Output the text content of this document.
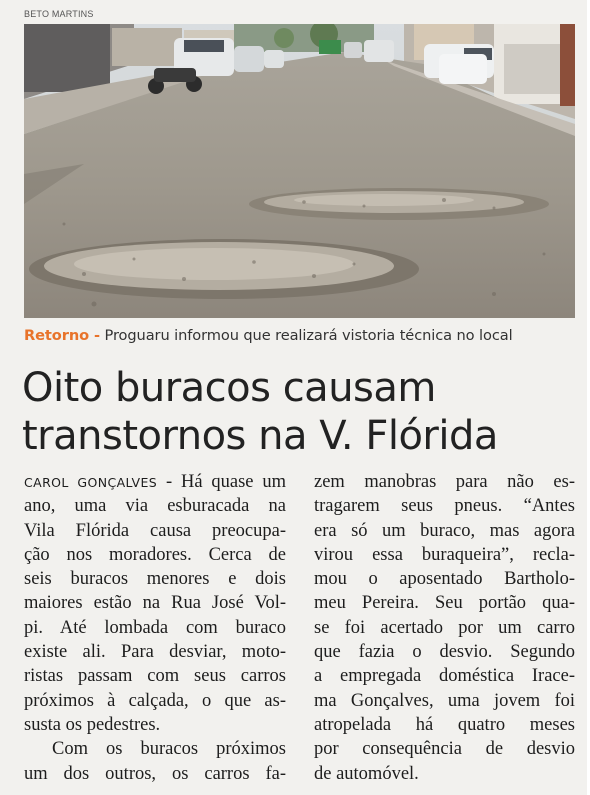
BETO MARTINS
Retorno - Proguaru informou que realizará vistoria técnica no local
Oito buracos causam
transtornos na V. Flórida
CAROL GONÇALVES - Há quase um
ano, uma via esburacada na
Vila Flórida causa preocupa-
ção nos moradores. Cerca de
seis buracos menores e dois
maiores estão na Rua José Vol-
pi. Até lombada com buraco
existe ali. Para desviar, moto-
ristas passam com seus carros
próximos à calçada, o que as-
susta os pedestres.
Com os buracos próximos
um dos outros, os carros fa-
zem manobras para não es-
tragarem seus pneus. “Antes
era só um buraco, mas agora
virou essa buraqueira”, recla-
mou o aposentado Bartholo-
meu Pereira. Seu portão qua-
se foi acertado por um carro
que fazia o desvio. Segundo
a empregada doméstica Irace-
ma Gonçalves, uma jovem foi
atropelada há quatro meses
por consequência de desvio
de automóvel.
